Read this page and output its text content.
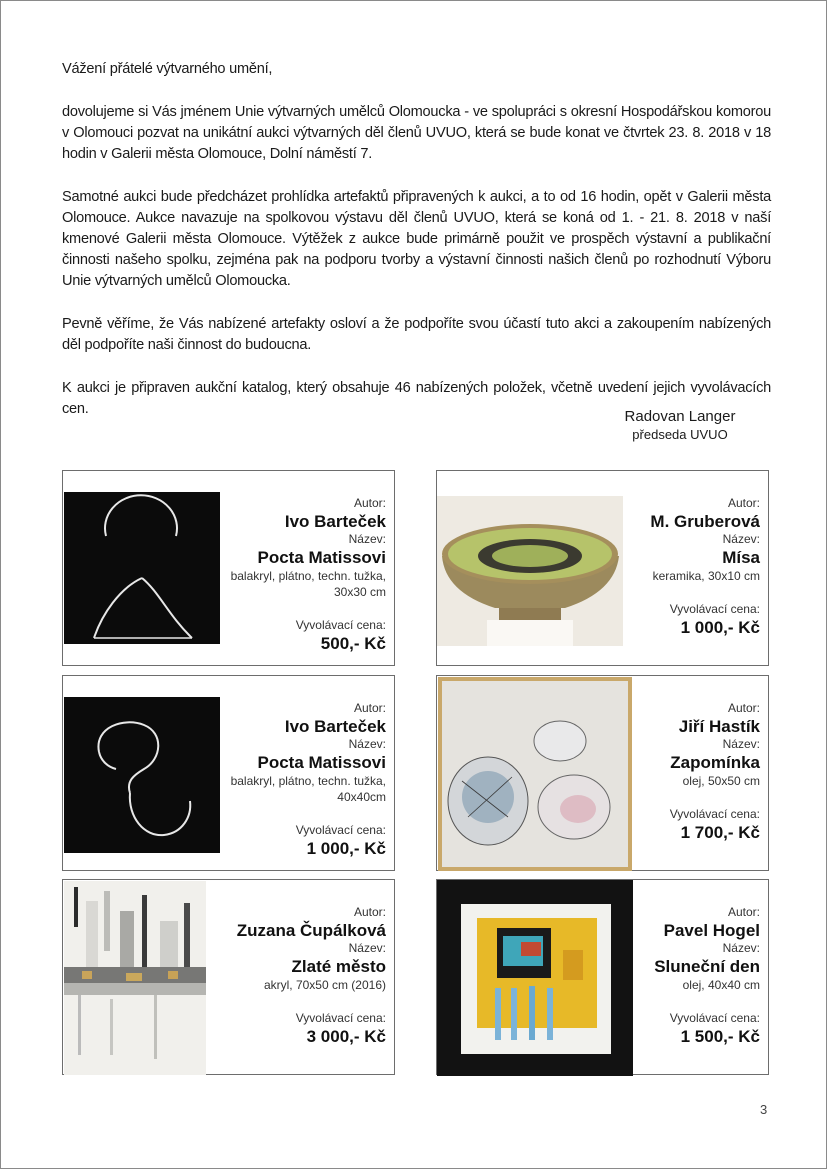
Vážení přátelé výtvarného umění,

dovolujeme si Vás jménem Unie výtvarných umělců Olomoucka - ve spolupráci s okresní Hospodářskou komorou v Olomouci pozvat na unikátní aukci výtvarných děl členů UVUO, která se bude konat ve čtvrtek 23. 8. 2018 v 18 hodin v Galerii města Olomouce, Dolní náměstí 7.

Samotné aukci bude předcházet prohlídka artefaktů připravených k aukci, a to od 16 hodin, opět v Galerii města Olomouce. Aukce navazuje na spolkovou výstavu děl členů UVUO, která se koná od 1. - 21. 8. 2018 v naší kmenové Galerii města Olomouce. Výtěžek z aukce bude primárně použit ve prospěch výstavní a publikační činnosti našeho spolku, zejména pak na podporu tvorby a výstavní činnosti našich členů po rozhodnutí Výboru Unie výtvarných umělců Olomoucka.

Pevně věříme, že Vás nabízené artefakty osloví a že podpoříte svou účastí tuto akci a zakoupením nabízených děl podpoříte naši činnost do budoucna.

K aukci je připraven aukční katalog, který obsahuje 46 nabízených položek, včetně uvedení jejich vyvolávacích cen.	Radovan Langer
předseda UVUO
Autor:
Ivo Barteček
Název:
Pocta Matissovi
balakryl, plátno, techn. tužka, 30x30 cm
Vyvolávací cena:
500,- Kč
Autor:
M. Gruberová
Název:
Mísa
keramika, 30x10 cm
Vyvolávací cena:
1 000,- Kč
Autor:
Ivo Barteček
Název:
Pocta Matissovi
balakryl, plátno, techn. tužka, 40x40cm
Vyvolávací cena:
1 000,- Kč
Autor:
Jiří Hastík
Název:
Zapomínka
olej, 50x50 cm
Vyvolávací cena:
1 700,- Kč
Autor:
Zuzana Čupálková
Název:
Zlaté město
akryl, 70x50 cm (2016)
Vyvolávací cena:
3 000,- Kč
Autor:
Pavel Hogel
Název:
Sluneční den
olej, 40x40 cm
Vyvolávací cena:
1 500,- Kč
3
